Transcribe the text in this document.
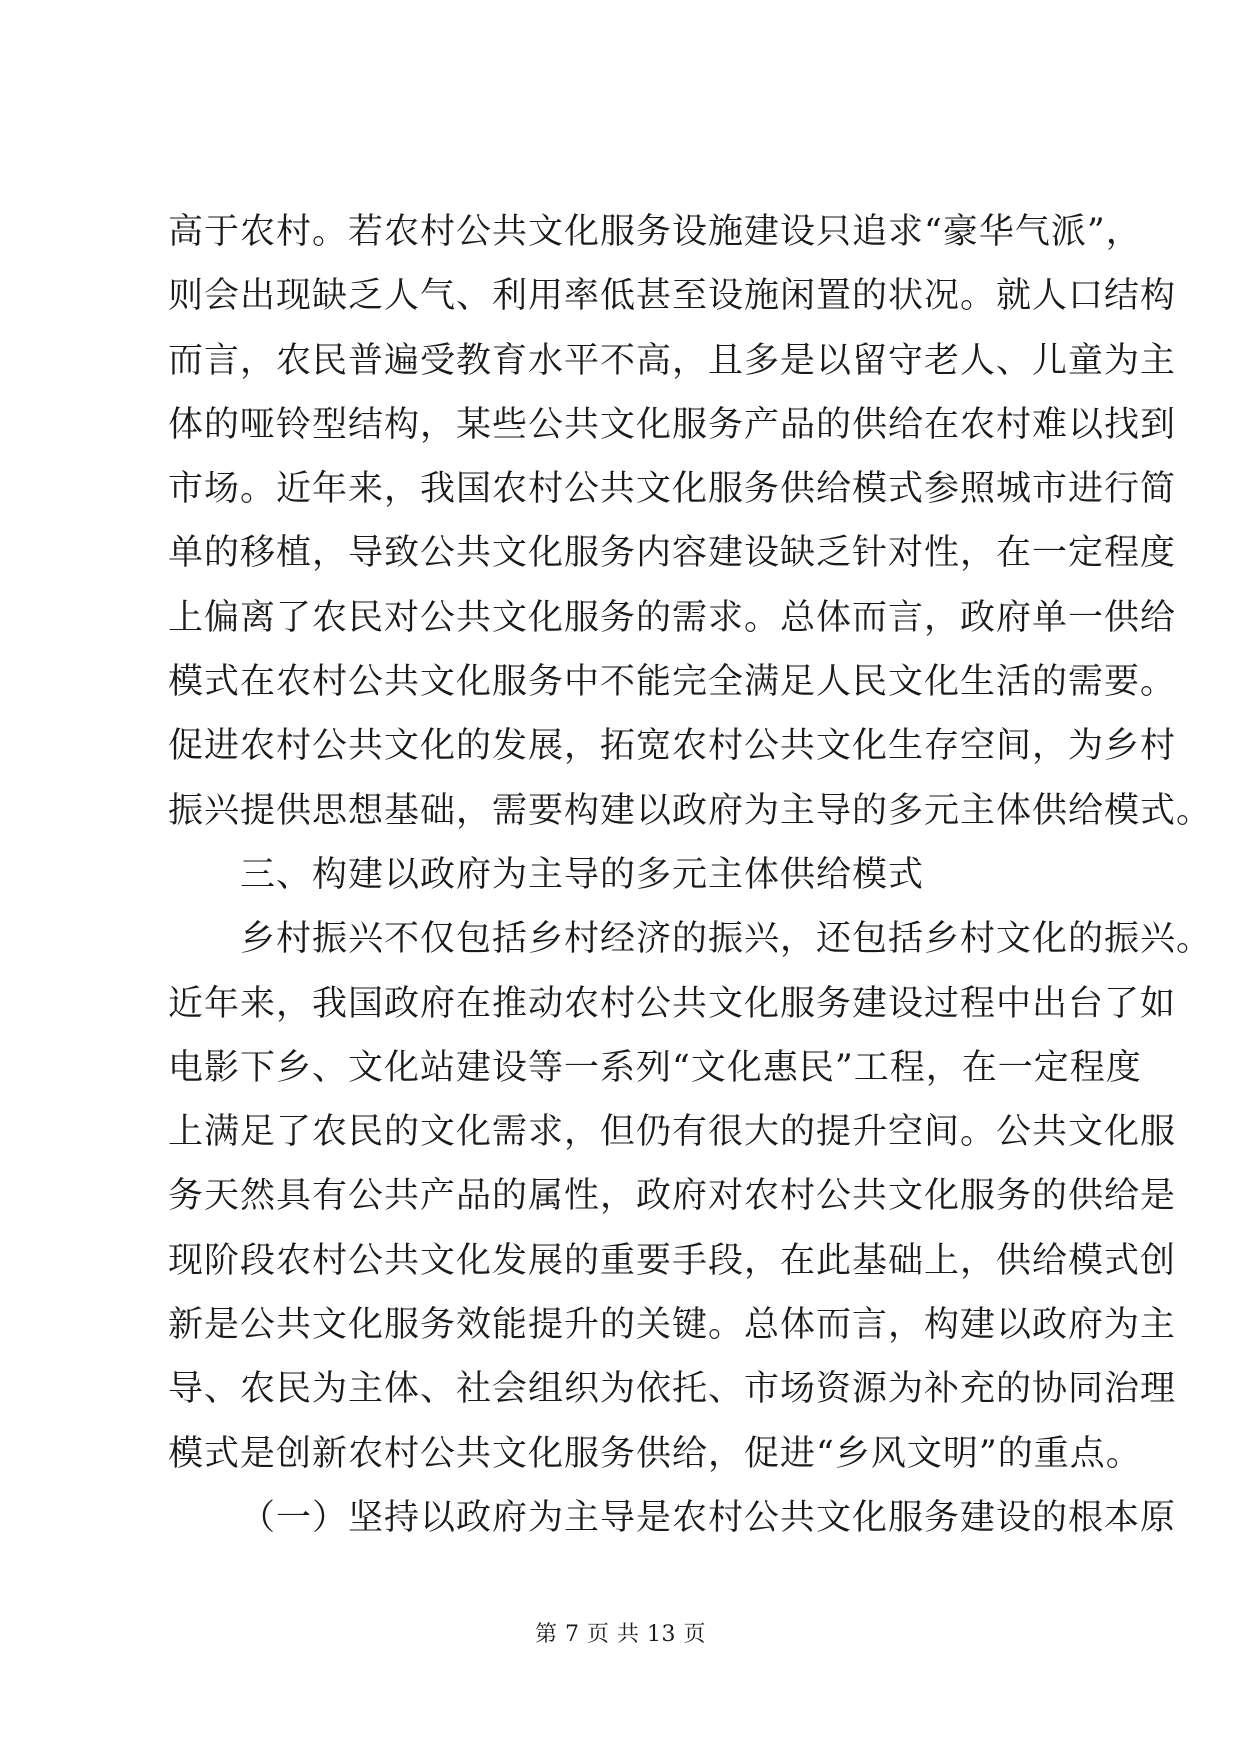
高于农村。若农村公共文化服务设施建设只追求“豪华气派”，
则会出现缺乏人气、利用率低甚至设施闲置的状况。就人口结构
而言，农民普遍受教育水平不高，且多是以留守老人、儿童为主
体的哑铃型结构，某些公共文化服务产品的供给在农村难以找到
市场。近年来，我国农村公共文化服务供给模式参照城市进行简
单的移植，导致公共文化服务内容建设缺乏针对性，在一定程度
上偏离了农民对公共文化服务的需求。总体而言，政府单一供给
模式在农村公共文化服务中不能完全满足人民文化生活的需要。
促进农村公共文化的发展，拓宽农村公共文化生存空间，为乡村
振兴提供思想基础，需要构建以政府为主导的多元主体供给模式。
三、构建以政府为主导的多元主体供给模式
乡村振兴不仅包括乡村经济的振兴，还包括乡村文化的振兴。
近年来，我国政府在推动农村公共文化服务建设过程中出台了如
电影下乡、文化站建设等一系列“文化惠民”工程，在一定程度
上满足了农民的文化需求，但仍有很大的提升空间。公共文化服
务天然具有公共产品的属性，政府对农村公共文化服务的供给是
现阶段农村公共文化发展的重要手段，在此基础上，供给模式创
新是公共文化服务效能提升的关键。总体而言，构建以政府为主
导、农民为主体、社会组织为依托、市场资源为补充的协同治理
模式是创新农村公共文化服务供给，促进“乡风文明”的重点。
（一）坚持以政府为主导是农村公共文化服务建设的根本原
第 7 页 共 13 页
